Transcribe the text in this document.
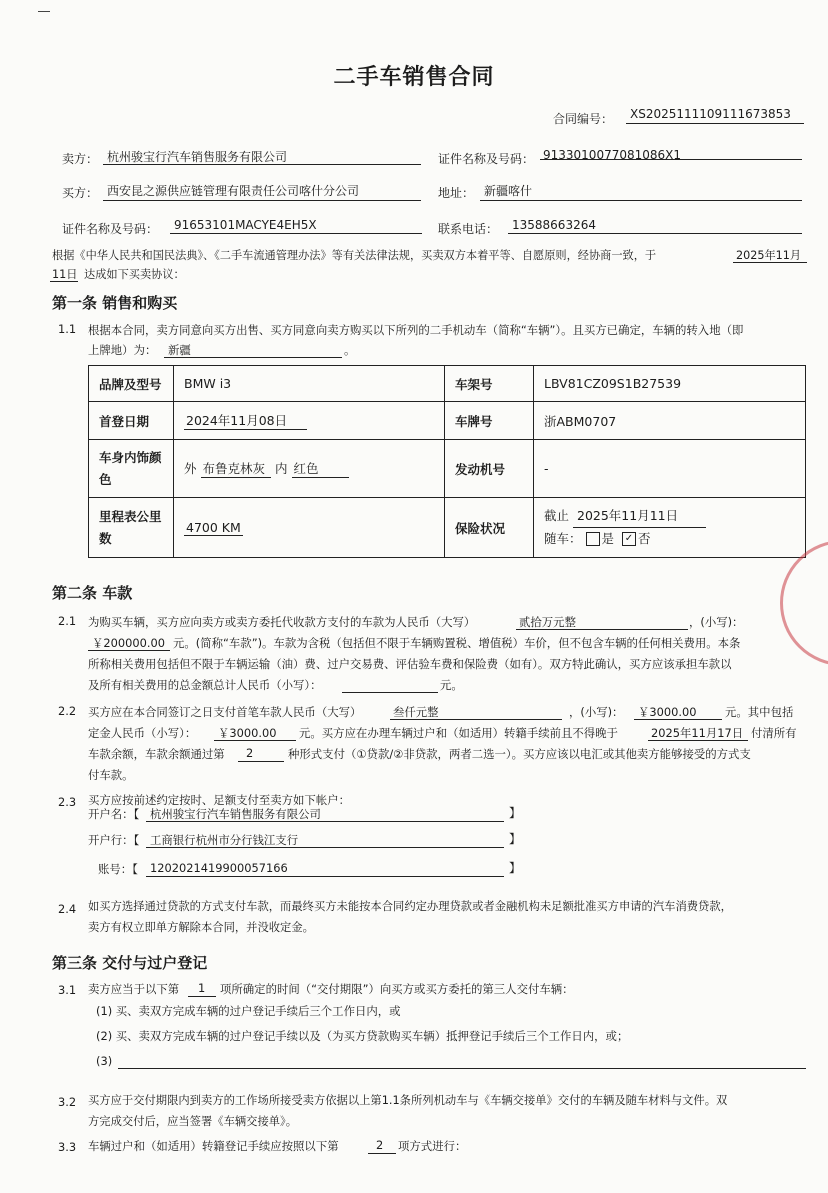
二手车销售合同
合同编号： XS20251111091116738​53
卖方： 杭州骏宝行汽车销售服务有限公司	证件名称及号码： 9133010077081086X1
买方： 西安昆之源供应链管理有限责任公司喀什分公司	地址： 新疆喀什
证件名称及号码： 91653101MACYE4EH5X	联系电话： 13588663264
根据《中华人民共和国民法典》、《二手车流通管理办法》等有关法律法规，买卖双方本着平等、自愿原则，经协商一致，于	2025年11月
11日 达成如下买卖协议：
第一条 销售和购买
1.1 根据本合同，卖方同意向买方出售、买方同意向卖方购买以下所列的二手机动车（简称“车辆”）。且买方已确定，车辆的转入地（即
上牌地）为： 新疆	。
品牌及型号	BMW i3	车架号	LBV81CZ09S1B27539
首登日期	2024年11月08日	车牌号	浙ABM0707
车身内饰颜色	外 布鲁克林灰 内 红色	发动机号	-
里程表公里数	4700 KM	保险状况	截止 2025年11月11日
随车： 是 ✓ 否
第二条 车款
2.1 为购买车辆，买方应向卖方或卖方委托代收款方支付的车款为人民币（大写）	贰拾万元整	，(小写)：
￥200000.00 元。(简称“车款”)。车款为含税（包括但不限于车辆购置税、增值税）车价，但不包含车辆的任何相关费用。本条
所称相关费用包括但不限于车辆运输（油）费、过户交易费、评估验车费和保险费（如有）。双方特此确认，买方应该承担车款以
及所有相关费用的总金额总计人民币（小写）：	元。
2.2 买方应在本合同签订之日支付首笔车款人民币（大写）	叁仟元整	，(小写)： ￥3000.00	元。其中包括
定金人民币（小写）： ￥3000.00 元。买方应在办理车辆过户和（如适用）转籍手续前且不得晚于	2025年11月17日 付清所有
车款余额，车款余额通过第 2	种形式支付（①贷款/②非贷款，两者二选一）。买方应该以电汇或其他卖方能够接受的方式支
付车款。
2.3 买方应按前述约定按时、足额支付至卖方如下帐户：
开户名：【 杭州骏宝行汽车销售服务有限公司	】
开户行：【 工商银行杭州市分行钱江支行	】
账号：【 1202021419900057166	】
2.4 如买方选择通过贷款的方式支付车款，而最终买方未能按本合同约定办理贷款或者金融机构未足额批准买方申请的汽车消费贷款，
卖方有权立即单方解除本合同，并没收定金。
第三条 交付与过户登记
3.1 卖方应当于以下第 1 项所确定的时间（“交付期限”）向买方或买方委托的第三人交付车辆：
(1) 买、卖双方完成车辆的过户登记手续后三个工作日内，或
(2) 买、卖双方完成车辆的过户登记手续以及（为买方贷款购买车辆）抵押登记手续后三个工作日内，或；
(3)
3.2 买方应于交付期限内到卖方的工作场所接受卖方依据以上第1.1条所列机动车与《车辆交接单》交付的车辆及随车材料与文件。双
方完成交付后，应当签署《车辆交接单》。
3.3 车辆过户和（如适用）转籍登记手续应按照以下第	2 项方式进行：
